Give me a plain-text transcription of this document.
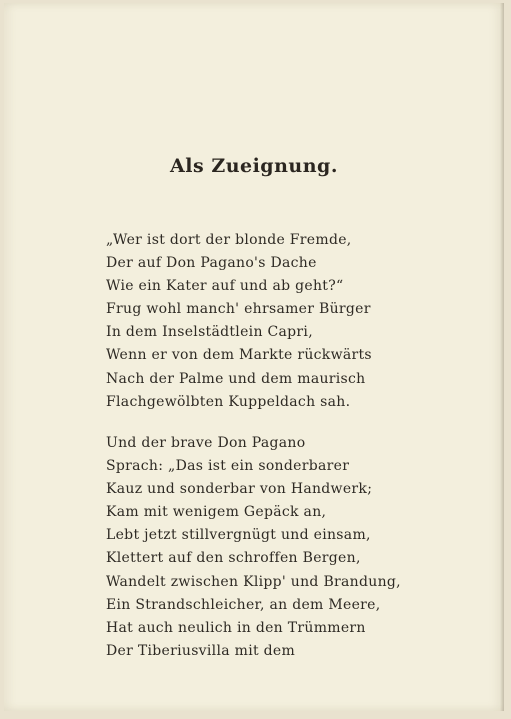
Als Zueignung.
„Wer ist dort der blonde Fremde,
Der auf Don Pagano's Dache
Wie ein Kater auf und ab geht?“
Frug wohl manch' ehrsamer Bürger
In dem Inselstädtlein Capri,
Wenn er von dem Markte rückwärts
Nach der Palme und dem maurisch
Flachgewölbten Kuppeldach sah.
Und der brave Don Pagano
Sprach: „Das ist ein sonderbarer
Kauz und sonderbar von Handwerk;
Kam mit wenigem Gepäck an,
Lebt jetzt stillvergnügt und einsam,
Klettert auf den schroffen Bergen,
Wandelt zwischen Klipp' und Brandung,
Ein Strandschleicher, an dem Meere,
Hat auch neulich in den Trümmern
Der Tiberiusvilla mit dem
